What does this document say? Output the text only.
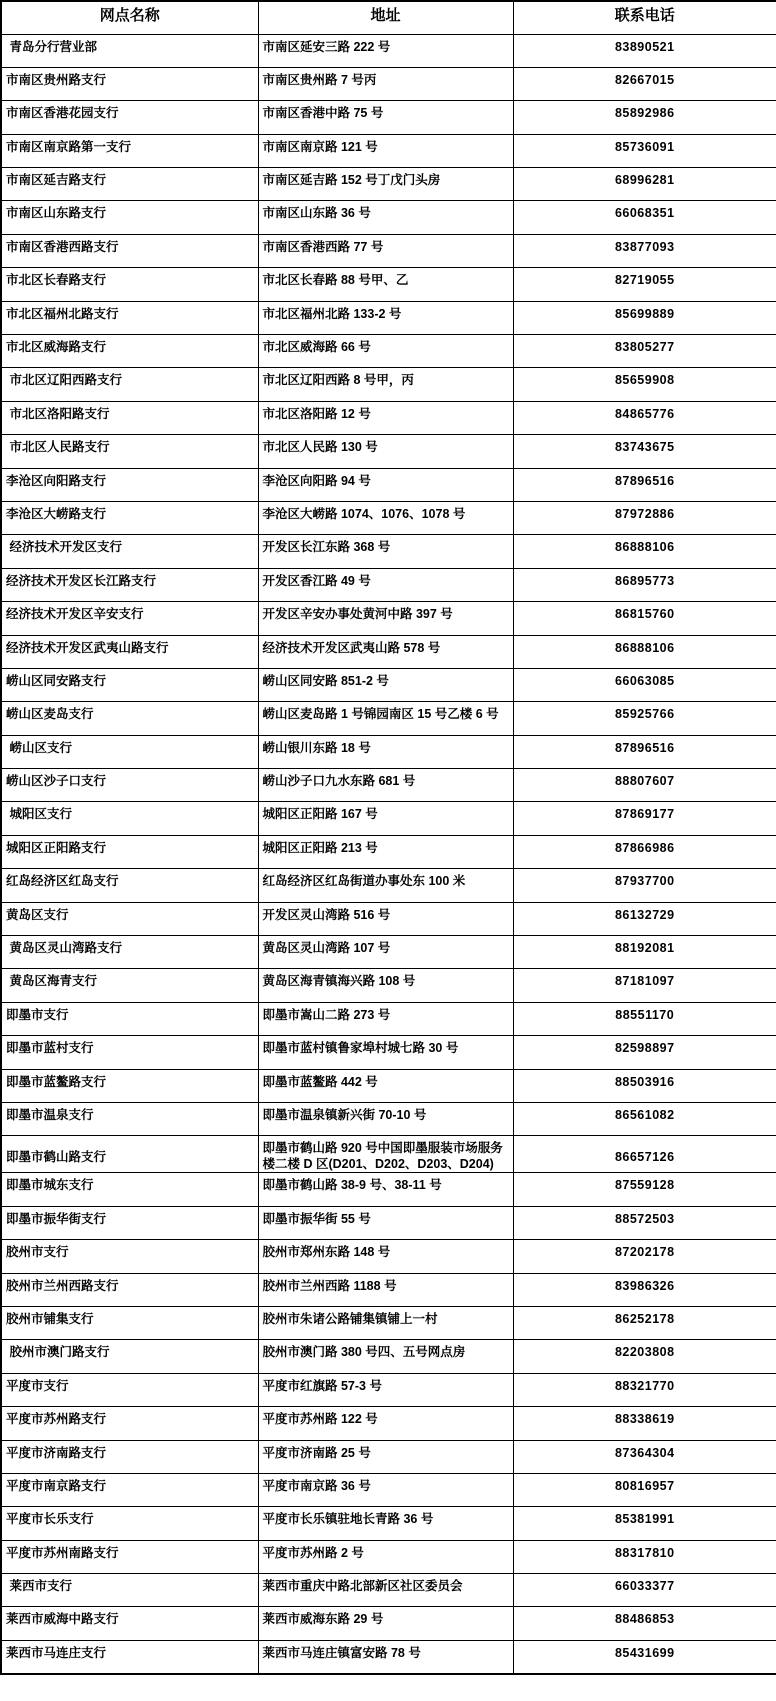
网点名称	地址	联系电话
青岛分行营业部	市南区延安三路 222 号	83890521
市南区贵州路支行	市南区贵州路 7 号丙	82667015
市南区香港花园支行	市南区香港中路 75 号	85892986
市南区南京路第一支行	市南区南京路 121 号	85736091
市南区延吉路支行	市南区延吉路 152 号丁戊门头房	68996281
市南区山东路支行	市南区山东路 36 号	66068351
市南区香港西路支行	市南区香港西路 77 号	83877093
市北区长春路支行	市北区长春路 88 号甲、乙	82719055
市北区福州北路支行	市北区福州北路 133-2 号	85699889
市北区威海路支行	市北区威海路 66 号	83805277
市北区辽阳西路支行	市北区辽阳西路 8 号甲，丙	85659908
市北区洛阳路支行	市北区洛阳路 12 号	84865776
市北区人民路支行	市北区人民路 130 号	83743675
李沧区向阳路支行	李沧区向阳路 94 号	87896516
李沧区大崂路支行	李沧区大崂路 1074、1076、1078 号	87972886
经济技术开发区支行	开发区长江东路 368 号	86888106
经济技术开发区长江路支行	开发区香江路 49 号	86895773
经济技术开发区辛安支行	开发区辛安办事处黄河中路 397 号	86815760
经济技术开发区武夷山路支行	经济技术开发区武夷山路 578 号	86888106
崂山区同安路支行	崂山区同安路 851-2 号	66063085
崂山区麦岛支行	崂山区麦岛路 1 号锦园南区 15 号乙楼 6 号	85925766
崂山区支行	崂山银川东路 18 号	87896516
崂山区沙子口支行	崂山沙子口九水东路 681 号	88807607
城阳区支行	城阳区正阳路 167 号	87869177
城阳区正阳路支行	城阳区正阳路 213 号	87866986
红岛经济区红岛支行	红岛经济区红岛街道办事处东 100 米	87937700
黄岛区支行	开发区灵山湾路 516 号	86132729
黄岛区灵山湾路支行	黄岛区灵山湾路 107 号	88192081
黄岛区海青支行	黄岛区海青镇海兴路 108 号	87181097
即墨市支行	即墨市嵩山二路 273 号	88551170
即墨市蓝村支行	即墨市蓝村镇鲁家埠村城七路 30 号	82598897
即墨市蓝鳌路支行	即墨市蓝鳌路 442 号	88503916
即墨市温泉支行	即墨市温泉镇新兴街 70-10 号	86561082
即墨市鹤山路支行	即墨市鹤山路 920 号中国即墨服装市场服务楼二楼 D 区(D201、D202、D203、D204)	86657126
即墨市城东支行	即墨市鹤山路 38-9 号、38-11 号	87559128
即墨市振华街支行	即墨市振华街 55 号	88572503
胶州市支行	胶州市郑州东路 148 号	87202178
胶州市兰州西路支行	胶州市兰州西路 1188 号	83986326
胶州市铺集支行	胶州市朱诸公路铺集镇铺上一村	86252178
胶州市澳门路支行	胶州市澳门路 380 号四、五号网点房	82203808
平度市支行	平度市红旗路 57-3 号	88321770
平度市苏州路支行	平度市苏州路 122 号	88338619
平度市济南路支行	平度市济南路 25 号	87364304
平度市南京路支行	平度市南京路 36 号	80816957
平度市长乐支行	平度市长乐镇驻地长青路 36 号	85381991
平度市苏州南路支行	平度市苏州路 2 号	88317810
莱西市支行	莱西市重庆中路北部新区社区委员会	66033377
莱西市威海中路支行	莱西市威海东路 29 号	88486853
莱西市马连庄支行	莱西市马连庄镇富安路 78 号	85431699
